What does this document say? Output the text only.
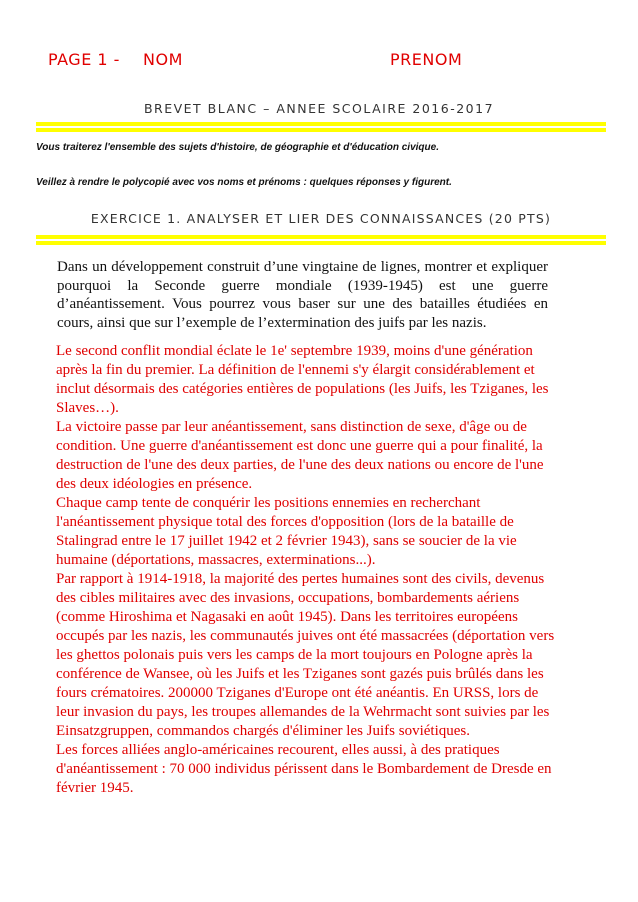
PAGE 1 - NOM	PRENOM
BREVET BLANC – ANNEE SCOLAIRE 2016-2017
Vous traiterez l'ensemble des sujets d'histoire, de géographie et d'éducation civique.
Veillez à rendre le polycopié avec vos noms et prénoms : quelques réponses y figurent.
EXERCICE 1. ANALYSER ET LIER DES CONNAISSANCES (20 PTS)
Dans un développement construit d’une vingtaine de lignes, montrer et expliquer pourquoi la Seconde guerre mondiale (1939-1945) est une guerre d’anéantissement. Vous pourrez vous baser sur une des batailles étudiées en cours, ainsi que sur l’exemple de l’extermination des juifs par les nazis.

Le second conflit mondial éclate le 1e' septembre 1939, moins d'une génération après la fin du premier. La définition de l'ennemi s'y élargit considérablement et inclut désormais des catégories entières de populations (les Juifs, les Tziganes, les Slaves…).

La victoire passe par leur anéantissement, sans distinction de sexe, d'âge ou de condition. Une guerre d'anéantissement est donc une guerre qui a pour finalité, la destruction de l'une des deux parties, de l'une des deux nations ou encore de l'une des deux idéologies en présence.

Chaque camp tente de conquérir les positions ennemies en recherchant l'anéantissement physique total des forces d'opposition (lors de la bataille de Stalingrad entre le 17 juillet 1942 et 2 février 1943), sans se soucier de la vie humaine (déportations, massacres, exterminations...).

Par rapport à 1914-1918, la majorité des pertes humaines sont des civils, devenus des cibles militaires avec des invasions, occupations, bombardements aériens (comme Hiroshima et Nagasaki en août 1945). Dans les territoires européens occupés par les nazis, les communautés juives ont été massacrées (déportation vers les ghettos polonais puis vers les camps de la mort toujours en Pologne après la conférence de Wansee, où les Juifs et les Tziganes sont gazés puis brûlés dans les fours crématoires. 200000 Tziganes d'Europe ont été anéantis. En URSS, lors de leur invasion du pays, les troupes allemandes de la Wehrmacht sont suivies par les Einsatzgruppen, commandos chargés d'éliminer les Juifs soviétiques.

Les forces alliées anglo-américaines recourent, elles aussi, à des pratiques d'anéantissement : 70 000 individus périssent dans le Bombardement de Dresde en février 1945.
